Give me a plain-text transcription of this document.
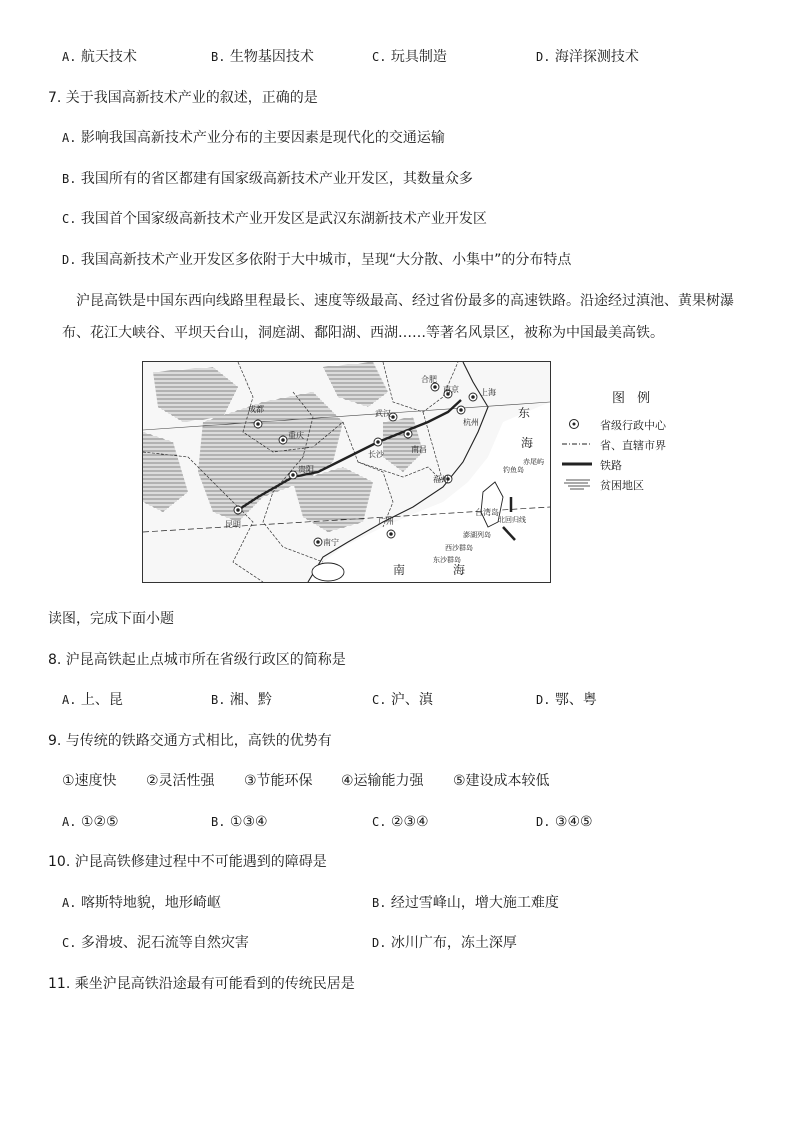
A. 航天技术	B. 生物基因技术	C. 玩具制造	D. 海洋探测技术
7. 关于我国高新技术产业的叙述，正确的是
A. 影响我国高新技术产业分布的主要因素是现代化的交通运输
B. 我国所有的省区都建有国家级高新技术产业开发区，其数量众多
C. 我国首个国家级高新技术产业开发区是武汉东湖新技术产业开发区
D. 我国高新技术产业开发区多依附于大中城市，呈现“大分散、小集中”的分布特点
沪昆高铁是中国东西向线路里程最长、速度等级最高、经过省份最多的高速铁路。沿途经过滇池、黄果树瀑布、花江大峡谷、平坝天台山，洞庭湖、鄱阳湖、西湖……等著名风景区，被称为中国最美高铁。
成都
重庆
贵阳
昆明
南宁
广州
长沙
南昌
武汉
合肥
南京	上海
杭州
福州
台湾岛
东
海
南	海
北回归线
钓鱼岛
赤尾屿
东沙群岛
澎湖列岛
西沙群岛
图 例
省级行政中心
省、直辖市界
铁路
贫困地区
读图，完成下面小题
8. 沪昆高铁起止点城市所在省级行政区的简称是
A. 上、昆	B. 湘、黔	C. 沪、滇	D. 鄂、粤
9. 与传统的铁路交通方式相比，高铁的优势有
①速度快 ②灵活性强 ③节能环保 ④运输能力强 ⑤建设成本较低
A. ①②⑤	B. ①③④	C. ②③④	D. ③④⑤
10. 沪昆高铁修建过程中不可能遇到的障碍是
A. 喀斯特地貌，地形崎岖	B. 经过雪峰山，增大施工难度
C. 多滑坡、泥石流等自然灾害	D. 冰川广布，冻土深厚
11. 乘坐沪昆高铁沿途最有可能看到的传统民居是
